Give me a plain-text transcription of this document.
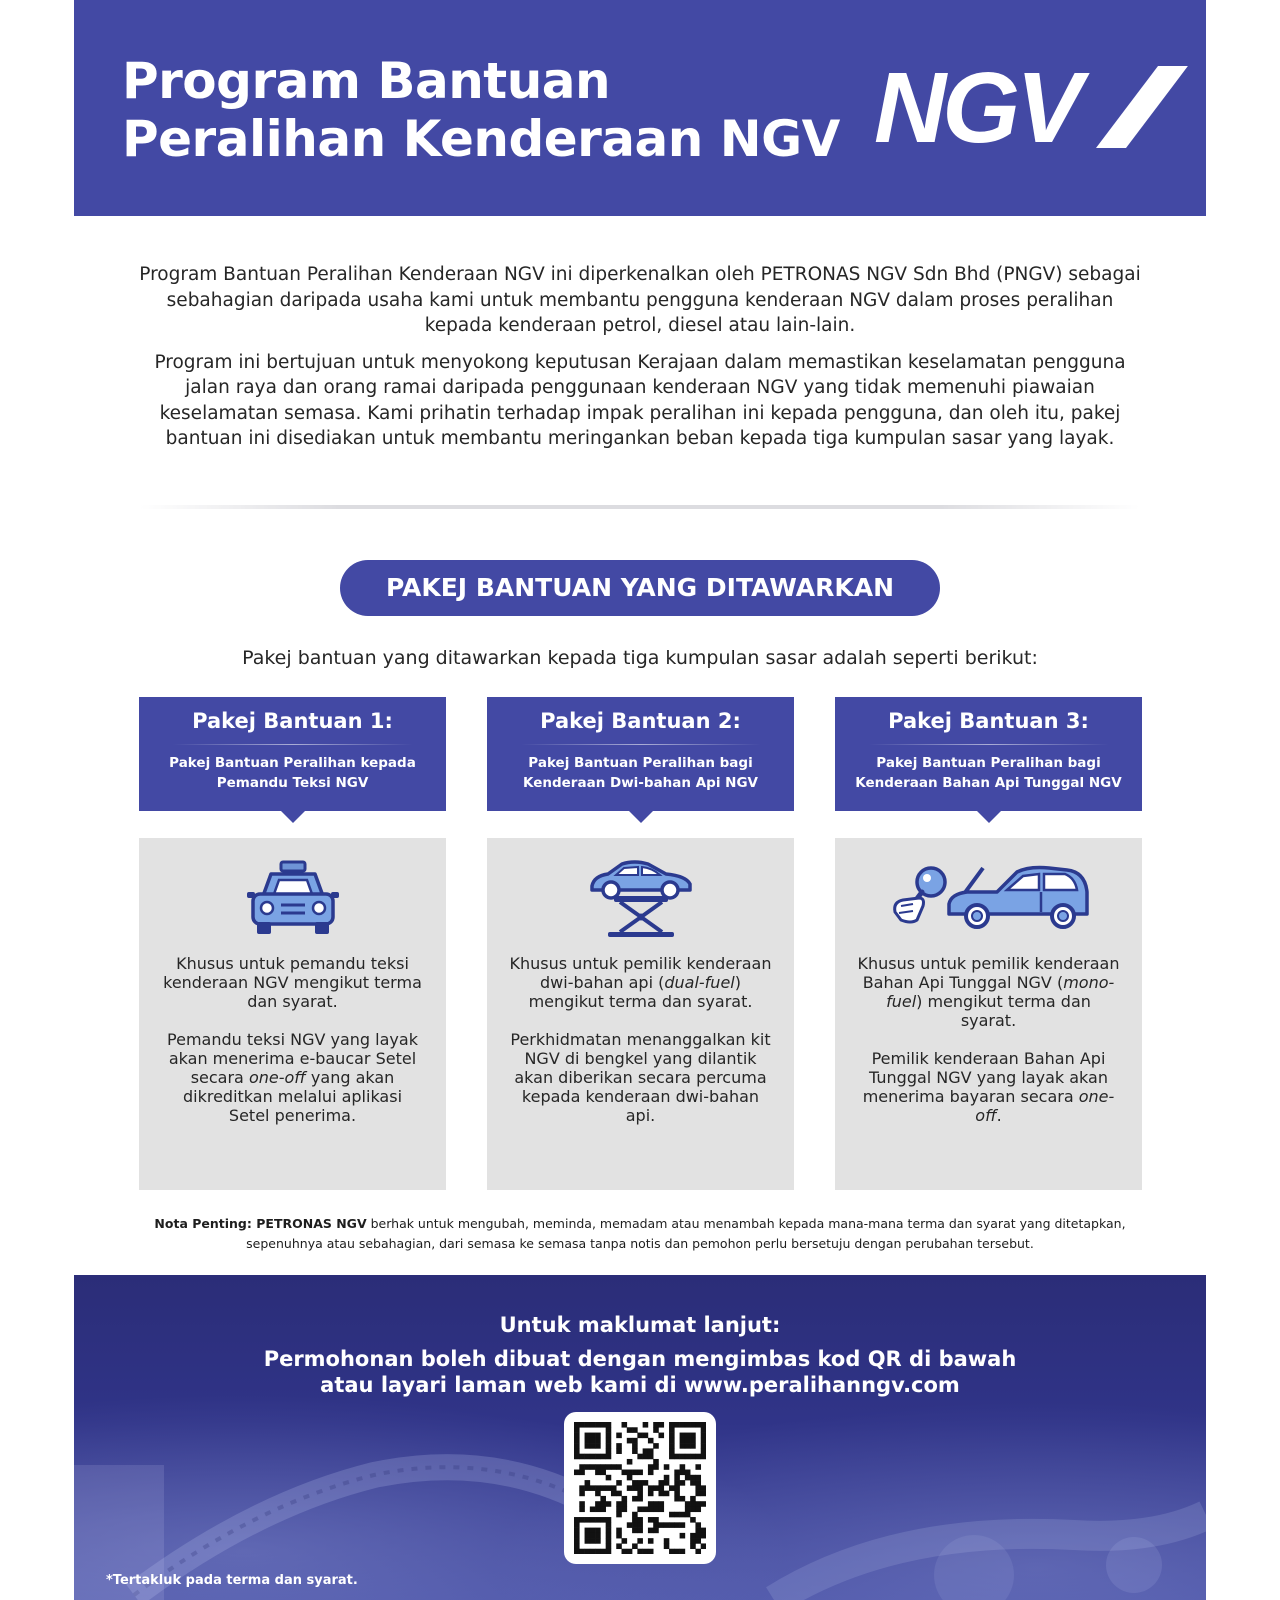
Program Bantuan
Peralihan Kenderaan NGV NGV

Program Bantuan Peralihan Kenderaan NGV ini diperkenalkan oleh PETRONAS NGV Sdn Bhd (PNGV) sebagai sebahagian daripada usaha kami untuk membantu pengguna kenderaan NGV dalam proses peralihan kepada kenderaan petrol, diesel atau lain-lain.

Program ini bertujuan untuk menyokong keputusan Kerajaan dalam memastikan keselamatan pengguna jalan raya dan orang ramai daripada penggunaan kenderaan NGV yang tidak memenuhi piawaian keselamatan semasa. Kami prihatin terhadap impak peralihan ini kepada pengguna, dan oleh itu, pakej bantuan ini disediakan untuk membantu meringankan beban kepada tiga kumpulan sasar yang layak.

PAKEJ BANTUAN YANG DITAWARKAN
Pakej bantuan yang ditawarkan kepada tiga kumpulan sasar adalah seperti berikut:
Pakej Bantuan 1:
Pakej Bantuan Peralihan kepada Pemandu Teksi NGV

Khusus untuk pemandu teksi kenderaan NGV mengikut terma dan syarat.

Pemandu teksi NGV yang layak akan menerima e-baucar Setel secara one-off yang akan dikreditkan melalui aplikasi Setel penerima.

Pakej Bantuan 2:
Pakej Bantuan Peralihan bagi Kenderaan Dwi-bahan Api NGV

Khusus untuk pemilik kenderaan dwi-bahan api (dual-fuel) mengikut terma dan syarat.

Perkhidmatan menanggalkan kit NGV di bengkel yang dilantik akan diberikan secara percuma kepada kenderaan dwi-bahan api.

Pakej Bantuan 3:
Pakej Bantuan Peralihan bagi Kenderaan Bahan Api Tunggal NGV

Khusus untuk pemilik kenderaan Bahan Api Tunggal NGV (mono-fuel) mengikut terma dan syarat.

Pemilik kenderaan Bahan Api Tunggal NGV yang layak akan menerima bayaran secara one-off.

Nota Penting: PETRONAS NGV berhak untuk mengubah, meminda, memadam atau menambah kepada mana-mana terma dan syarat yang ditetapkan, sepenuhnya atau sebahagian, dari semasa ke semasa tanpa notis dan pemohon perlu bersetuju dengan perubahan tersebut.
Untuk maklumat lanjut:
Permohonan boleh dibuat dengan mengimbas kod QR di bawah atau layari laman web kami di www.peralihanngv.com
*Tertakluk pada terma dan syarat.
